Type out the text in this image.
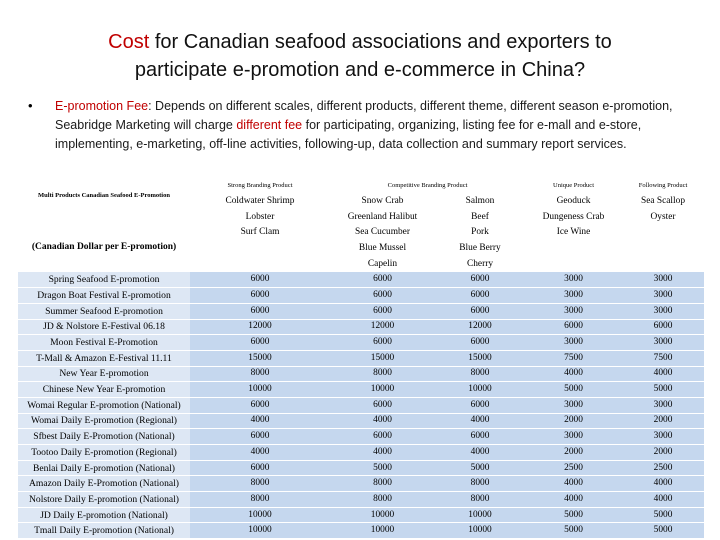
Cost for Canadian seafood associations and exporters to participate e-promotion and e-commerce in China?
• E-promotion Fee: Depends on different scales, different products, different theme, different season e-promotion, Seabridge Marketing will charge different fee for participating, organizing, listing fee for e-mall and e-store, implementing, e-marketing, off-line activities, following-up, data collection and summary report services.
Multi Products Canadian Seafood E-Promotion	Strong Branding Product	Competitive Branding Product		Unique Product	Following Product
	Coldwater Shrimp	Snow Crab	Salmon	Geoduck	Sea Scallop
	Lobster	Greenland Halibut	Beef	Dungeness Crab	Oyster
	Surf Clam	Sea Cucumber	Pork	Ice Wine	
(Canadian Dollar per E-promotion)		Blue Mussel	Blue Berry		
		Capelin	Cherry		
Spring Seafood E-promotion	6000	6000	6000	3000	3000
Dragon Boat Festival E-promotion	6000	6000	6000	3000	3000
Summer Seafood E-promotion	6000	6000	6000	3000	3000
JD & Nolstore E-Festival 06.18	12000	12000	12000	6000	6000
Moon Festival E-Promotion	6000	6000	6000	3000	3000
T-Mall & Amazon E-Festival 11.11	15000	15000	15000	7500	7500
New Year E-promotion	8000	8000	8000	4000	4000
Chinese New Year E-promotion	10000	10000	10000	5000	5000
Womai Regular E-promotion (National)	6000	6000	6000	3000	3000
Womai Daily E-promotion (Regional)	4000	4000	4000	2000	2000
Sfbest Daily E-Promotion (National)	6000	6000	6000	3000	3000
Tootoo Daily E-promotion (Regional)	4000	4000	4000	2000	2000
Benlai Daily E-promotion (National)	6000	5000	5000	2500	2500
Amazon Daily E-Promotion (National)	8000	8000	8000	4000	4000
Nolstore Daily E-promotion (National)	8000	8000	8000	4000	4000
JD Daily E-promotion (National)	10000	10000	10000	5000	5000
Tmall Daily E-promotion (National)	10000	10000	10000	5000	5000
